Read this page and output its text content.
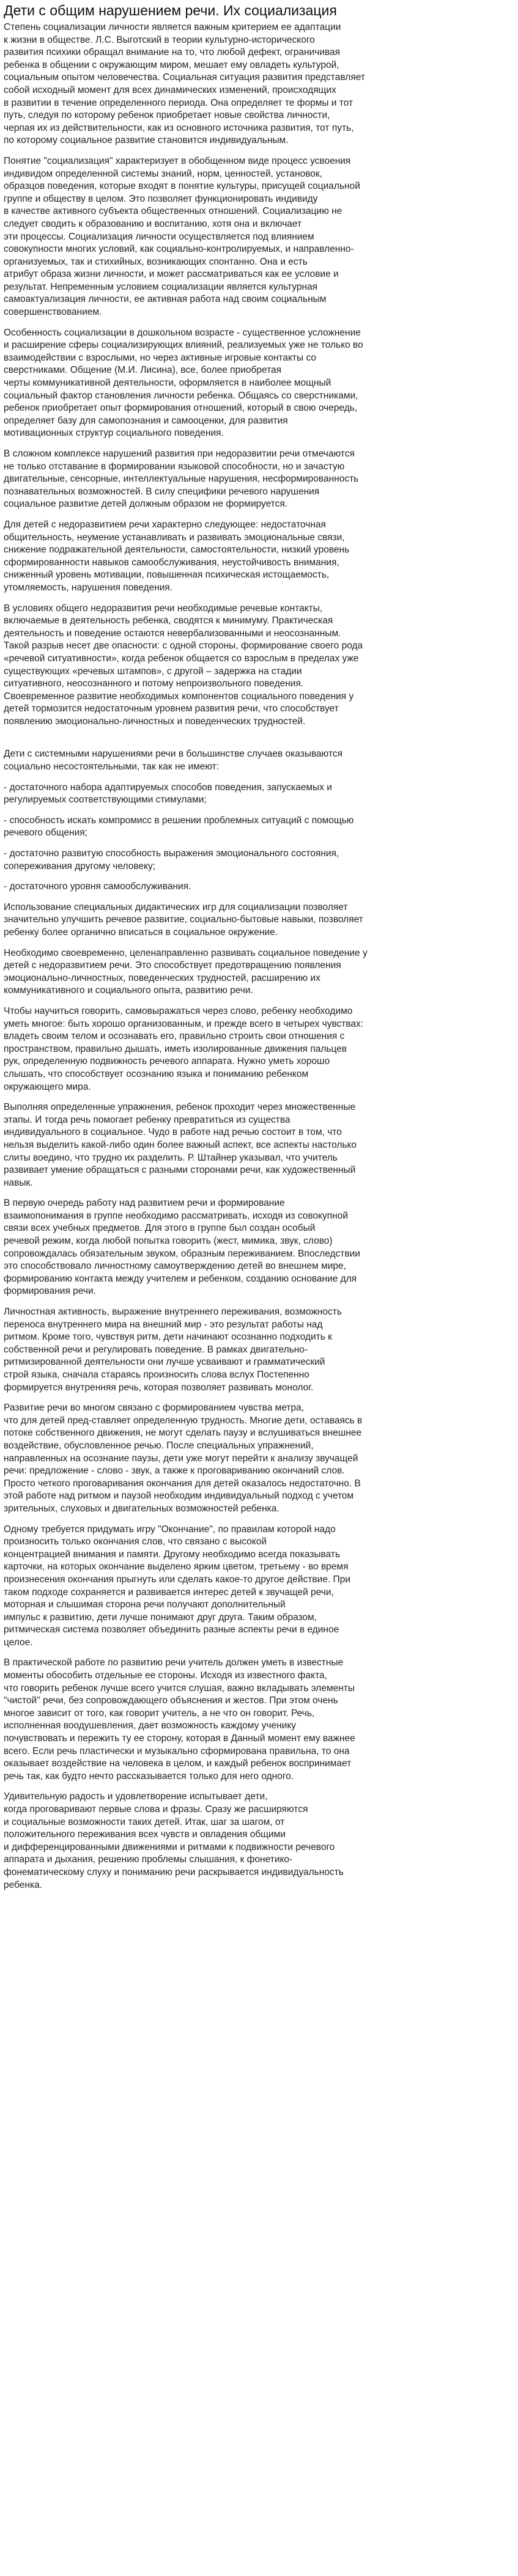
Дети с общим нарушением речи. Их социализация

Степень социализации личности является важным критерием ее адаптации
к жизни в обществе. Л.С. Выготский в теории культурно-исторического
развития психики обращал внимание на то, что любой дефект, ограничивая
ребенка в общении с окружающим миром, мешает ему овладеть культурой,
социальным опытом человечества. Социальная ситуация развития представляет
собой исходный момент для всех динамических изменений, происходящих
в развитии в течение определенного периода. Она определяет те формы и тот
путь, следуя по которому ребенок приобретает новые свойства личности,
черпая их из действительности, как из основного источника развития, тот путь,
по которому социальное развитие становится индивидуальным.

Понятие "социализация" характеризует в обобщенном виде процесс усвоения
индивидом определенной системы знаний, норм, ценностей, установок,
образцов поведения, которые входят в понятие культуры, присущей социальной
группе и обществу в целом. Это позволяет функционировать индивиду
в качестве активного субъекта общественных отношений. Социализацию не
следует сводить к образованию и воспитанию, хотя она и включает
эти процессы. Социализация личности осуществляется под влиянием
совокупности многих условий, как социально-контролируемых, и направленно-
организуемых, так и стихийных, возникающих спонтанно. Она и есть
атрибут образа жизни личности, и может рассматриваться как ее условие и
результат. Непременным условием социализации является культурная
самоактуализация личности, ее активная работа над своим социальным
совершенствованием.

Особенность социализации в дошкольном возрасте - существенное усложнение
и расширение сферы социализирующих влияний, реализуемых уже не только во
взаимодействии с взрослыми, но через активные игровые контакты со
сверстниками. Общение (М.И. Лисина), все, более приобретая
черты коммуникативной деятельности, оформляется в наиболее мощный
социальный фактор становления личности ребенка. Общаясь со сверстниками,
ребенок приобретает опыт формирования отношений, который в свою очередь,
определяет базу для самопознания и самооценки, для развития
мотивационных структур социального поведения.

В сложном комплексе нарушений развития при недоразвитии речи отмечаются
не только отставание в формировании языковой способности, но и зачастую
двигательные, сенсорные, интеллектуальные нарушения, несформированность
познавательных возможностей. В силу специфики речевого нарушения
социальное развитие детей должным образом не формируется.

Для детей с недоразвитием речи характерно следующее: недостаточная
общительность, неумение устанавливать и развивать эмоциональные связи,
снижение подражательной деятельности, самостоятельности, низкий уровень
сформированности навыков самообслуживания, неустойчивость внимания,
сниженный уровень мотивации, повышенная психическая истощаемость,
утомляемость, нарушения поведения.

В условиях общего недоразвития речи необходимые речевые контакты,
включаемые в деятельность ребенка, сводятся к минимуму. Практическая
деятельность и поведение остаются невербализованными и неосознанным.
Такой разрыв несет две опасности: с одной стороны, формирование своего рода
«речевой ситуативности», когда ребенок общается со взрослым в пределах уже
существующих «речевых штампов», с другой – задержка на стадии
ситуативного, неосознанного и потому непроизвольного поведения.
Своевременное развитие необходимых компонентов социального поведения у
детей тормозится недостаточным уровнем развития речи, что способствует
появлению эмоционально-личностных и поведенческих трудностей.

Дети с системными нарушениями речи в большинстве случаев оказываются
социально несостоятельными, так как не имеют:

- достаточного набора адаптируемых способов поведения, запускаемых и
регулируемых соответствующими стимулами;

- способность искать компромисс в решении проблемных ситуаций с помощью
речевого общения;

- достаточно развитую способность выражения эмоционального состояния,
сопереживания другому человеку;

- достаточного уровня самообслуживания.

Использование специальных дидактических игр для социализации позволяет
значительно улучшить речевое развитие, социально-бытовые навыки, позволяет
ребенку более органично вписаться в социальное окружение.

Необходимо своевременно, целенаправленно развивать социальное поведение у
детей с недоразвитием речи. Это способствует предотвращению появления
эмоционально-личностных, поведенческих трудностей, расширению их
коммуникативного и социального опыта, развитию речи.

Чтобы научиться говорить, самовыражаться через слово, ребенку необходимо
уметь многое: быть хорошо организованным, и прежде всего в четырех чувствах:
владеть своим телом и осознавать его, правильно строить свои отношения с
пространством, правильно дышать, иметь изолированные движения пальцев
рук, определенную подвижность речевого аппарата. Нужно уметь хорошо
слышать, что способствует осознанию языка и пониманию ребенком
окружающего мира.

Выполняя определенные упражнения, ребенок проходит через множественные
этапы. И тогда речь помогает ребенку превратиться из существа
индивидуального в социальное. Чудо в работе над речью состоит в том, что
нельзя выделить какой-либо один более важный аспект, все аспекты настолько
слиты воедино, что трудно их разделить. Р. Штайнер указывал, что учитель
развивает умение обращаться с разными сторонами речи, как художественный
навык.

В первую очередь работу над развитием речи и формирование
взаимопонимания в группе необходимо рассматривать, исходя из совокупной
связи всех учебных предметов. Для этого в группе был создан особый
речевой режим, когда любой попытка говорить (жест, мимика, звук, слово)
сопровождалась обязательным звуком, образным переживанием. Впоследствии
это способствовало личностному самоутверждению детей во внешнем мире,
формированию контакта между учителем и ребенком, созданию основание для
формирования речи.

Личностная активность, выражение внутреннего переживания, возможность
переноса внутреннего мира на внешний мир - это результат работы над
ритмом. Кроме того, чувствуя ритм, дети начинают осознанно подходить к
собственной речи и регулировать поведение. В рамках двигательно-
ритмизированной деятельности они лучше усваивают и грамматический
строй языка, сначала стараясь произносить слова вслух Постепенно
формируется внутренняя речь, которая позволяет развивать монолог.

Развитие речи во многом связано с формированием чувства метра,
что для детей пред-ставляет определенную трудность. Многие дети, оставаясь в
потоке собственного движения, не могут сделать паузу и вслушиваться внешнее
воздействие, обусловленное речью. После специальных упражнений,
направленных на осознание паузы, дети уже могут перейти к анализу звучащей
речи: предложение - слово - звук, а также к проговариванию окончаний слов.
Просто четкого проговаривания окончания для детей оказалось недостаточно. В
этой работе над ритмом и паузой необходим индивидуальный подход с учетом
зрительных, слуховых и двигательных возможностей ребенка.

Одному требуется придумать игру "Окончание", по правилам которой надо
произносить только окончания слов, что связано с высокой
концентрацией внимания и памяти. Другому необходимо всегда показывать
карточки, на которых окончание выделено ярким цветом, третьему - во время
произнесения окончания прыгнуть или сделать какое-то другое действие. При
таком подходе сохраняется и развивается интерес детей к звучащей речи,
моторная и слышимая сторона речи получают дополнительный
импульс к развитию, дети лучше понимают друг друга. Таким образом,
ритмическая система позволяет объединить разные аспекты речи в единое
целое.

В практической работе по развитию речи учитель должен уметь в известные
моменты обособить отдельные ее стороны. Исходя из известного факта,
что говорить ребенок лучше всего учится слушая, важно вкладывать элементы
"чистой" речи, без сопровождающего объяснения и жестов. При этом очень
многое зависит от того, как говорит учитель, а не что он говорит. Речь,
исполненная воодушевления, дает возможность каждому ученику
почувствовать и пережить ту ее сторону, которая в Данный момент ему важнее
всего. Если речь пластически и музыкально сформирована правильна, то она
оказывает воздействие на человека в целом, и каждый ребенок воспринимает
речь так, как будто нечто рассказывается только для него одного.

Удивительную радость и удовлетворение испытывает дети,
когда проговаривают первые слова и фразы. Сразу же расширяются
и социальные возможности таких детей. Итак, шаг за шагом, от
положительного переживания всех чувств и овладения общими
и дифференцированными движениями и ритмами к подвижности речевого
аппарата и дыхания, решению проблемы слышания, к фонетико-
фонематическому слуху и пониманию речи раскрывается индивидуальность
ребенка.
